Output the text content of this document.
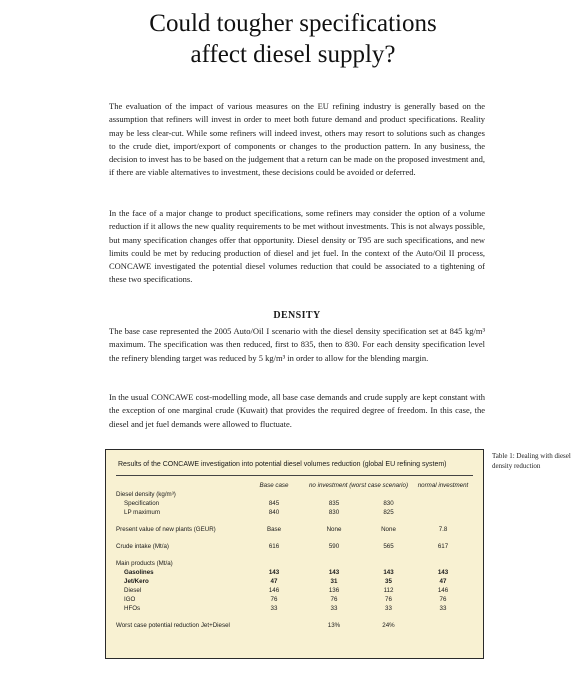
Could tougher specifications
affect diesel supply?

The evaluation of the impact of various measures on the EU refining industry is generally based on the assumption that refiners will invest in order to meet both future demand and product specifications. Reality may be less clear-cut. While some refiners will indeed invest, others may resort to solutions such as changes to the crude diet, import/export of components or changes to the production pattern. In any business, the decision to invest has to be based on the judgement that a return can be made on the proposed investment and, if there are viable alternatives to investment, these decisions could be avoided or deferred.

In the face of a major change to product specifications, some refiners may consider the option of a volume reduction if it allows the new quality requirements to be met without investments. This is not always possible, but many specification changes offer that opportunity. Diesel density or T95 are such specifications, and new limits could be met by reducing production of diesel and jet fuel. In the context of the Auto/Oil II process, CONCAWE investigated the potential diesel volumes reduction that could be associated to a tightening of these two specifications.

DENSITY

The base case represented the 2005 Auto/Oil I scenario with the diesel density specification set at 845 kg/m³ maximum. The specification was then reduced, first to 835, then to 830. For each density specification level the refinery blending target was reduced by 5 kg/m³ in order to allow for the blending margin.

In the usual CONCAWE cost-modelling mode, all base case demands and crude supply are kept constant with the exception of one marginal crude (Kuwait) that provides the required degree of freedom. In this case, the diesel and jet fuel demands were allowed to fluctuate.

Results of the CONCAWE investigation into potential diesel volumes reduction (global EU refining system)
	Base case	no investment (worst case scenario)		normal investment
Diesel density (kg/m³)				
Specification	845	835	830	
LP maximum	840	830	825	
Present value of new plants (GEUR)	Base	None	None	7.8
Crude intake (Mt/a)	616	590	565	617
Main products (Mt/a)				
Gasolines	143	143	143	143
Jet/Kero	47	31	35	47
Diesel	146	136	112	146
IGO	76	76	76	76
HFOs	33	33	33	33
Worst case potential reduction Jet+Diesel		13%	24%	
Table 1: Dealing with diesel density reduction
